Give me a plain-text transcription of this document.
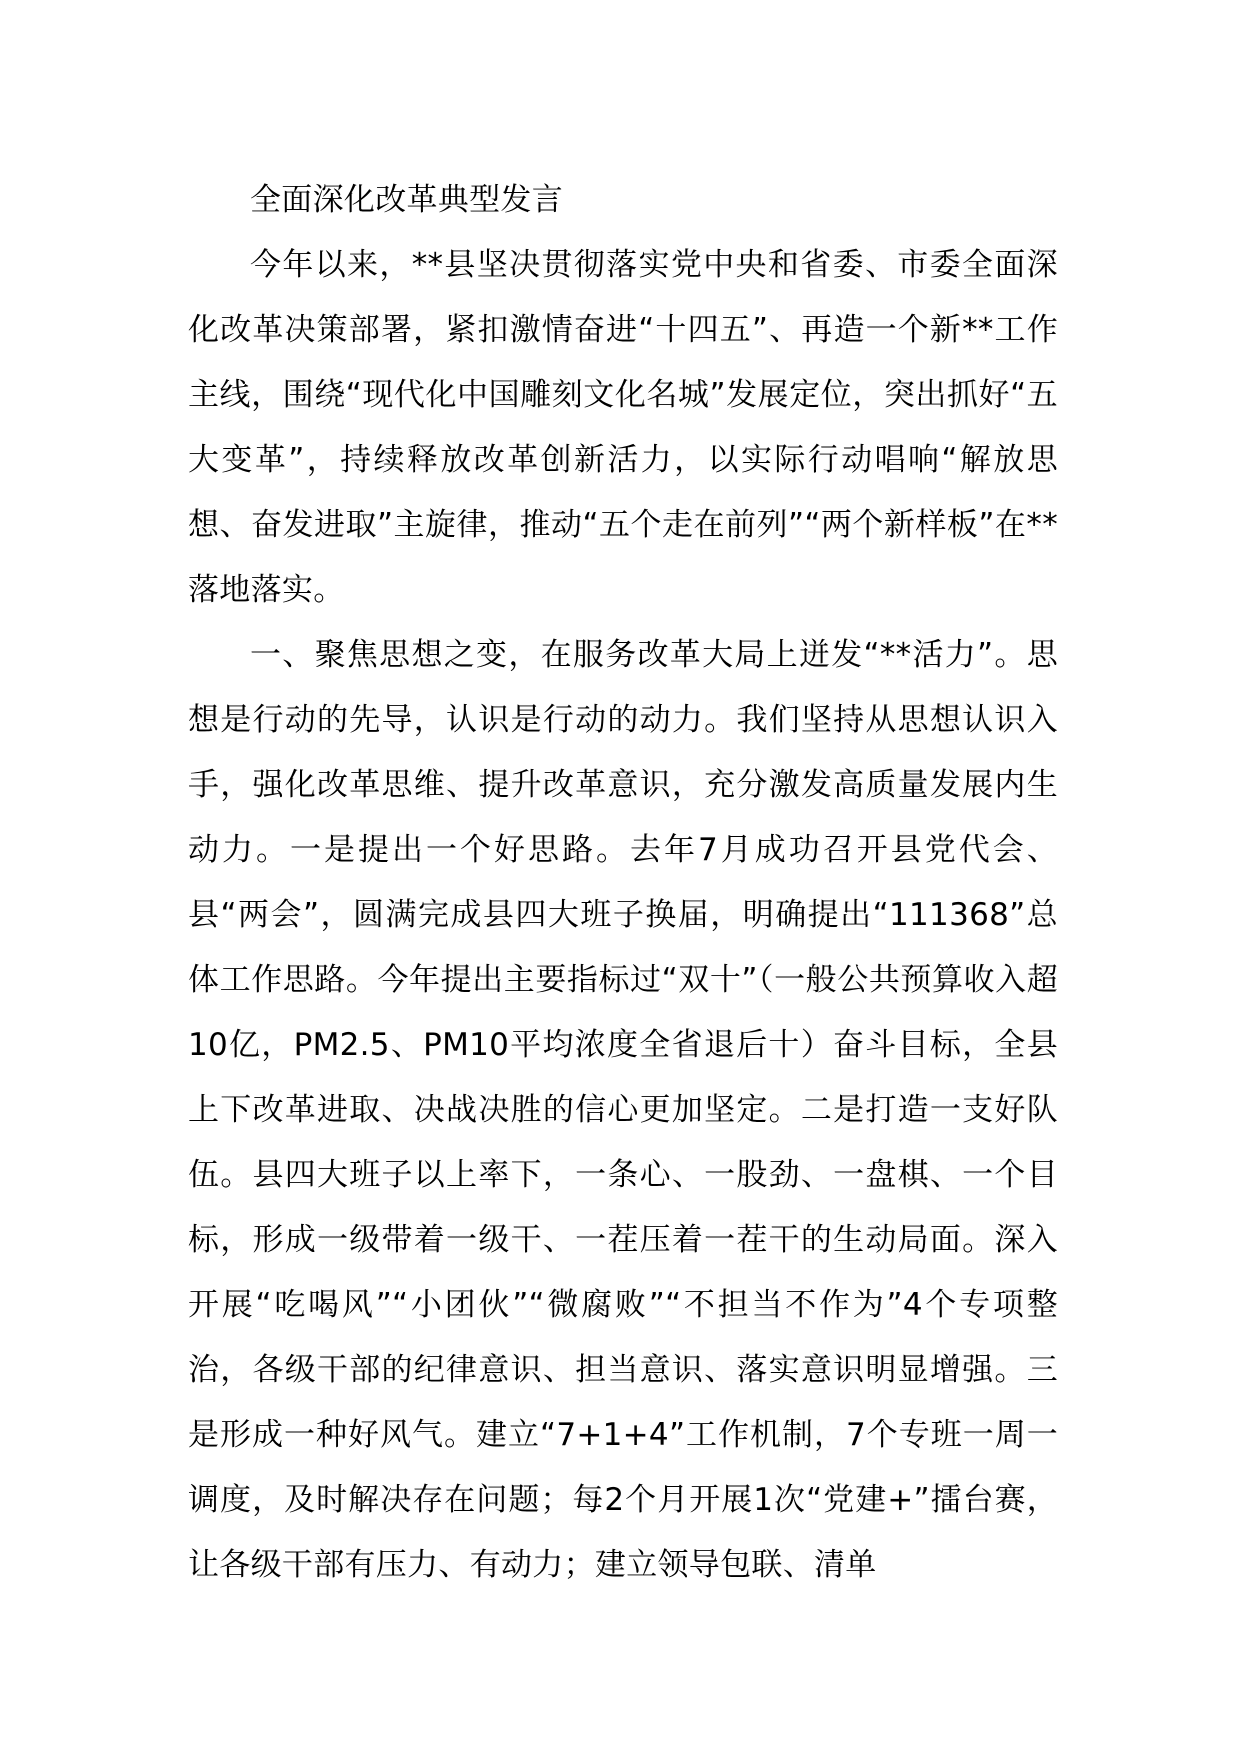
全面深化改革典型发言

今年以来，**县坚决贯彻落实党中央和省委、市委全面深化改革决策部署，紧扣激情奋进“十四五”、再造一个新**工作主线，围绕“现代化中国雕刻文化名城”发展定位，突出抓好“五大变革”，持续释放改革创新活力，以实际行动唱响“解放思想、奋发进取”主旋律，推动“五个走在前列”“两个新样板”在**落地落实。

一、聚焦思想之变，在服务改革大局上迸发“**活力”。思想是行动的先导，认识是行动的动力。我们坚持从思想认识入手，强化改革思维、提升改革意识，充分激发高质量发展内生动力。一是提出一个好思路。去年7月成功召开县党代会、县“两会”，圆满完成县四大班子换届，明确提出“111368”总体工作思路。今年提出主要指标过“双十”（一般公共预算收入超10亿，PM2.5、PM10平均浓度全省退后十）奋斗目标，全县上下改革进取、决战决胜的信心更加坚定。二是打造一支好队伍。县四大班子以上率下，一条心、一股劲、一盘棋、一个目标，形成一级带着一级干、一茬压着一茬干的生动局面。深入开展“吃喝风”“小团伙”“微腐败”“不担当不作为”4个专项整治，各级干部的纪律意识、担当意识、落实意识明显增强。三是形成一种好风气。建立“7+1+4”工作机制，7个专班一周一调度，及时解决存在问题；每2个月开展1次“党建+”擂台赛，让各级干部有压力、有动力；建立领导包联、清单
